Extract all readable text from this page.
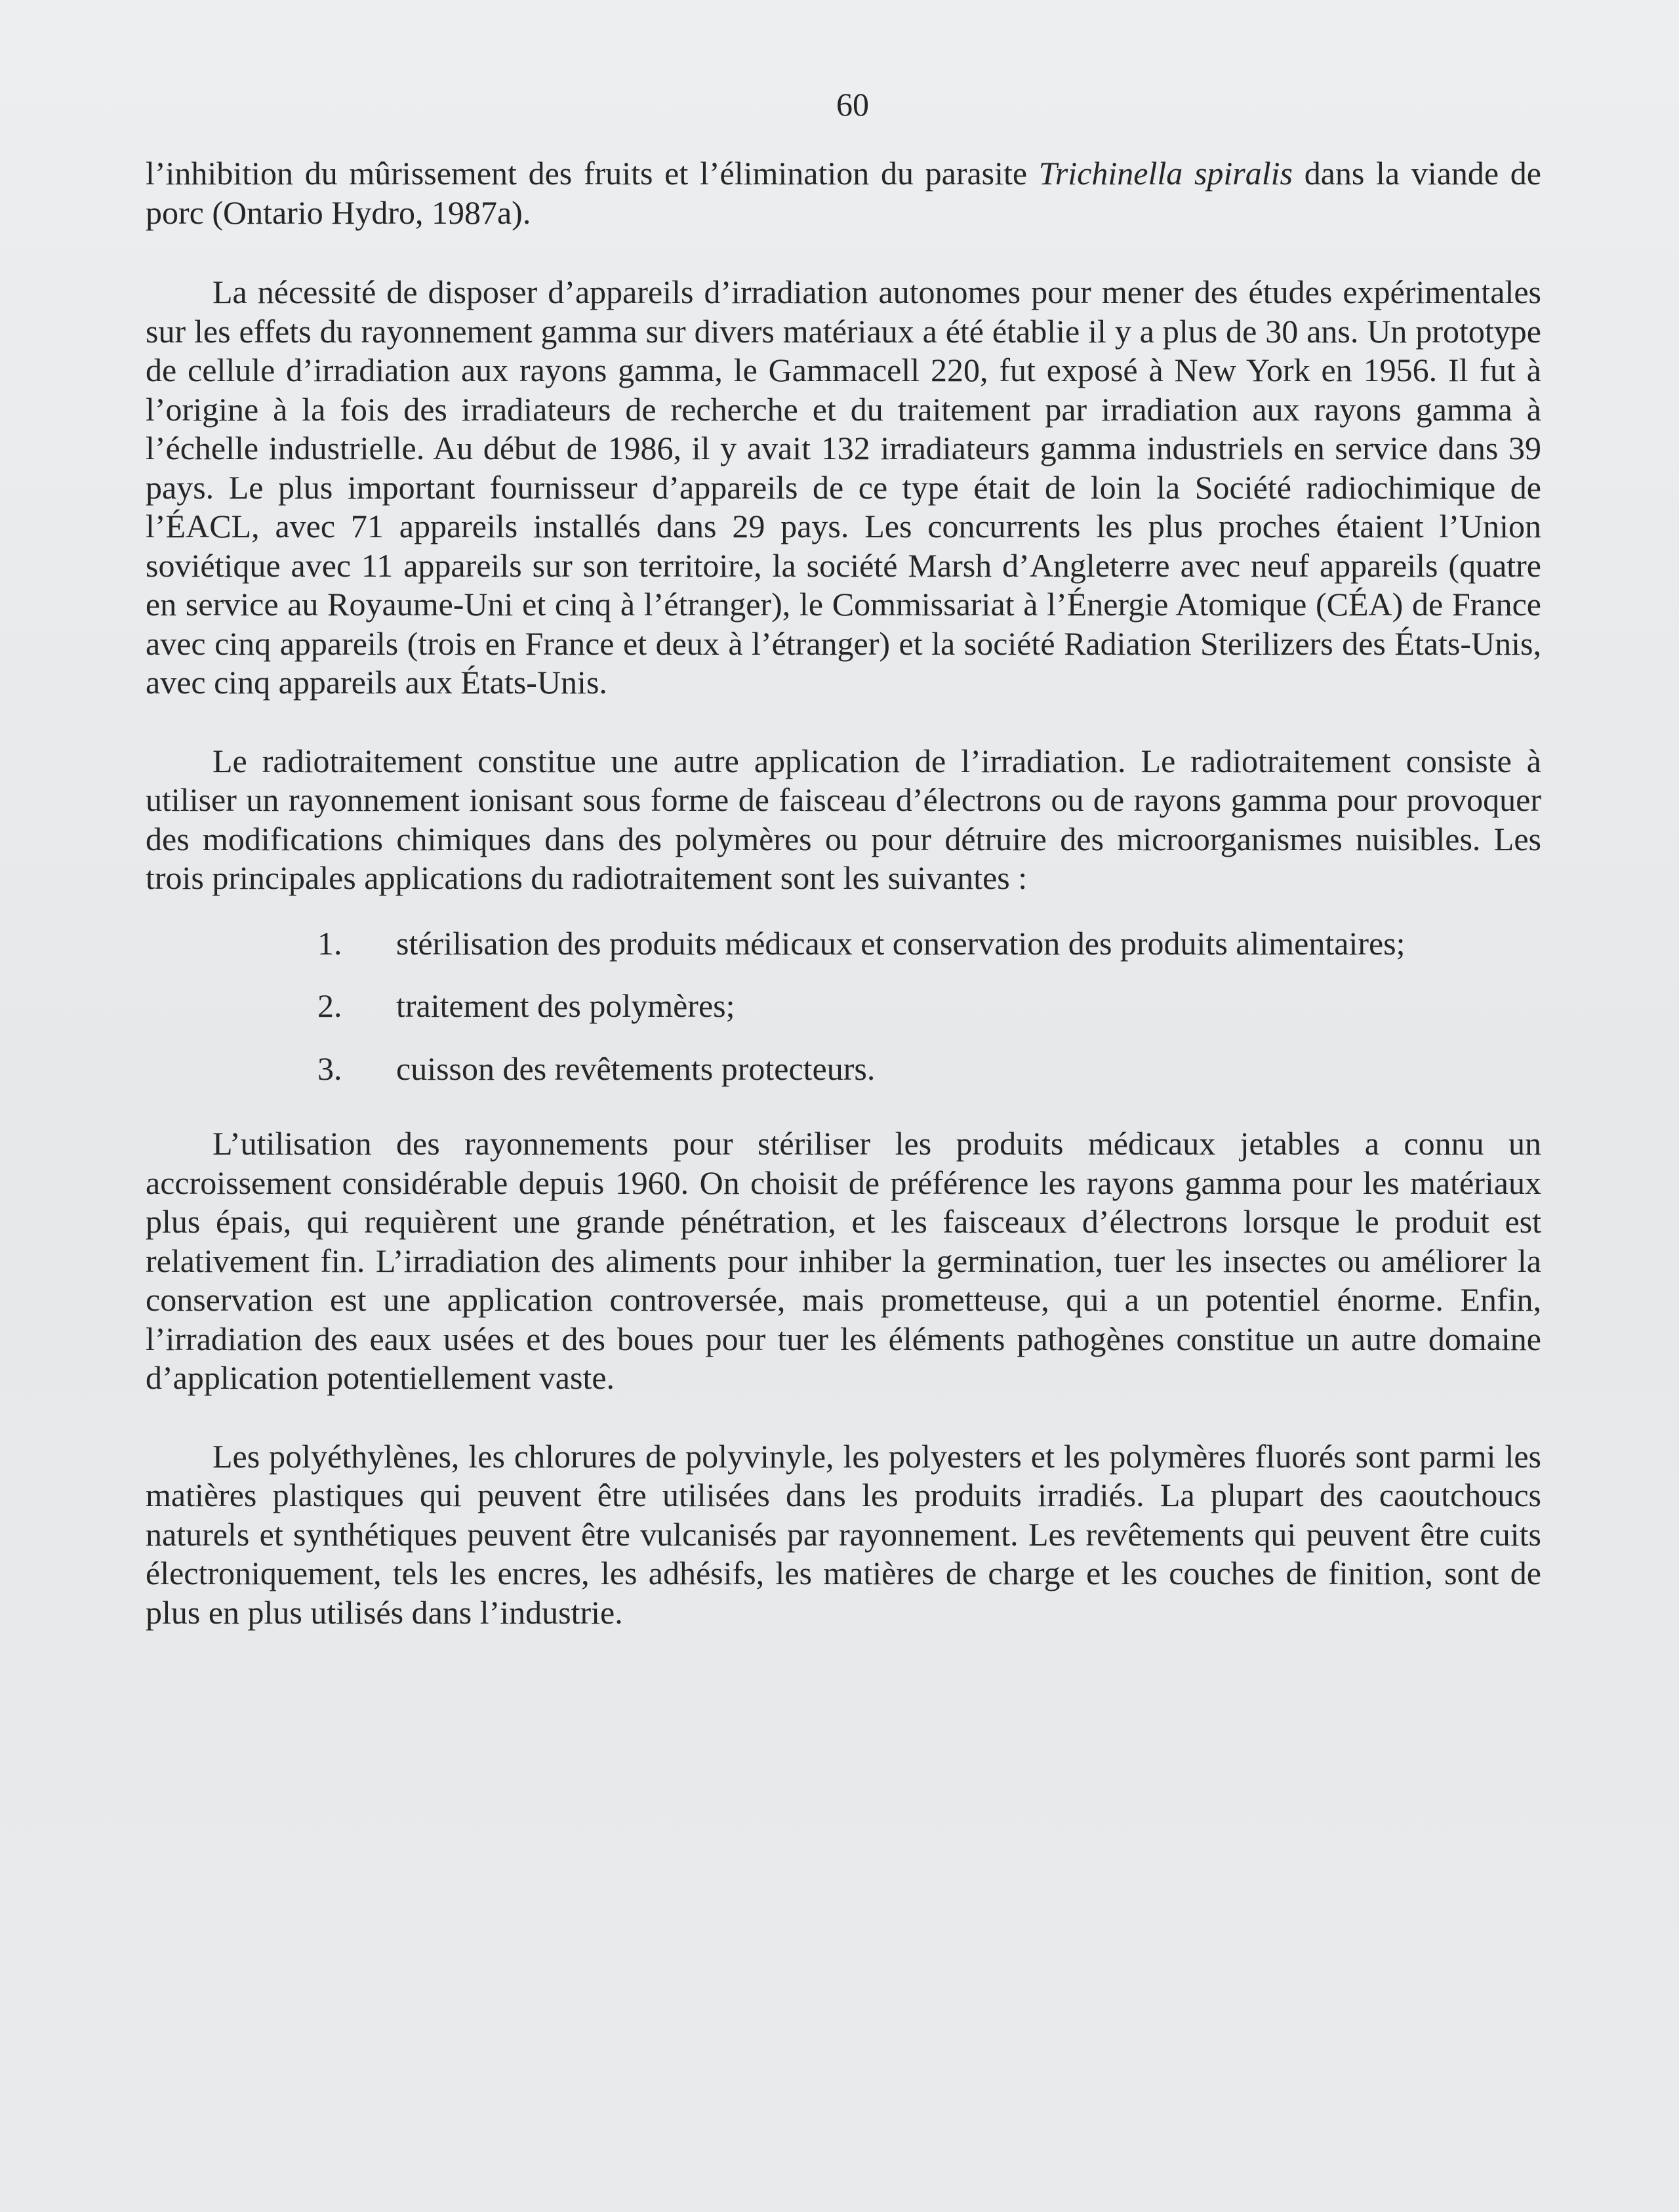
60

l’inhibition du mûrissement des fruits et l’élimination du parasite Trichinella spiralis dans la viande de porc (Ontario Hydro, 1987a).

La nécessité de disposer d’appareils d’irradiation autonomes pour mener des études expérimentales sur les effets du rayonnement gamma sur divers matériaux a été établie il y a plus de 30 ans. Un prototype de cellule d’irradiation aux rayons gamma, le Gammacell 220, fut exposé à New York en 1956. Il fut à l’origine à la fois des irradiateurs de recherche et du traitement par irradiation aux rayons gamma à l’échelle industrielle. Au début de 1986, il y avait 132 irradiateurs gamma industriels en service dans 39 pays. Le plus important fournisseur d’appareils de ce type était de loin la Société radiochimique de l’ÉACL, avec 71 appareils installés dans 29 pays. Les concurrents les plus proches étaient l’Union soviétique avec 11 appareils sur son territoire, la société Marsh d’Angleterre avec neuf appareils (quatre en service au Royaume-Uni et cinq à l’étranger), le Commissariat à l’Énergie Atomique (CÉA) de France avec cinq appareils (trois en France et deux à l’étranger) et la société Radiation Sterilizers des États-Unis, avec cinq appareils aux États-Unis.

Le radiotraitement constitue une autre application de l’irradiation. Le radiotraitement consiste à utiliser un rayonnement ionisant sous forme de faisceau d’électrons ou de rayons gamma pour provoquer des modifications chimiques dans des polymères ou pour détruire des microorganismes nuisibles. Les trois principales applications du radiotraitement sont les suivantes :

1.	stérilisation des produits médicaux et conservation des produits alimentaires;
2.	traitement des polymères;
3.	cuisson des revêtements protecteurs.

L’utilisation des rayonnements pour stériliser les produits médicaux jetables a connu un accroissement considérable depuis 1960. On choisit de préférence les rayons gamma pour les matériaux plus épais, qui requièrent une grande pénétration, et les faisceaux d’électrons lorsque le produit est relativement fin. L’irradiation des aliments pour inhiber la germination, tuer les insectes ou améliorer la conservation est une application controversée, mais prometteuse, qui a un potentiel énorme. Enfin, l’irradiation des eaux usées et des boues pour tuer les éléments pathogènes constitue un autre domaine d’application potentiellement vaste.

Les polyéthylènes, les chlorures de polyvinyle, les polyesters et les polymères fluorés sont parmi les matières plastiques qui peuvent être utilisées dans les produits irradiés. La plupart des caoutchoucs naturels et synthétiques peuvent être vulcanisés par rayonnement. Les revêtements qui peuvent être cuits électroniquement, tels les encres, les adhésifs, les matières de charge et les couches de finition, sont de plus en plus utilisés dans l’industrie.
